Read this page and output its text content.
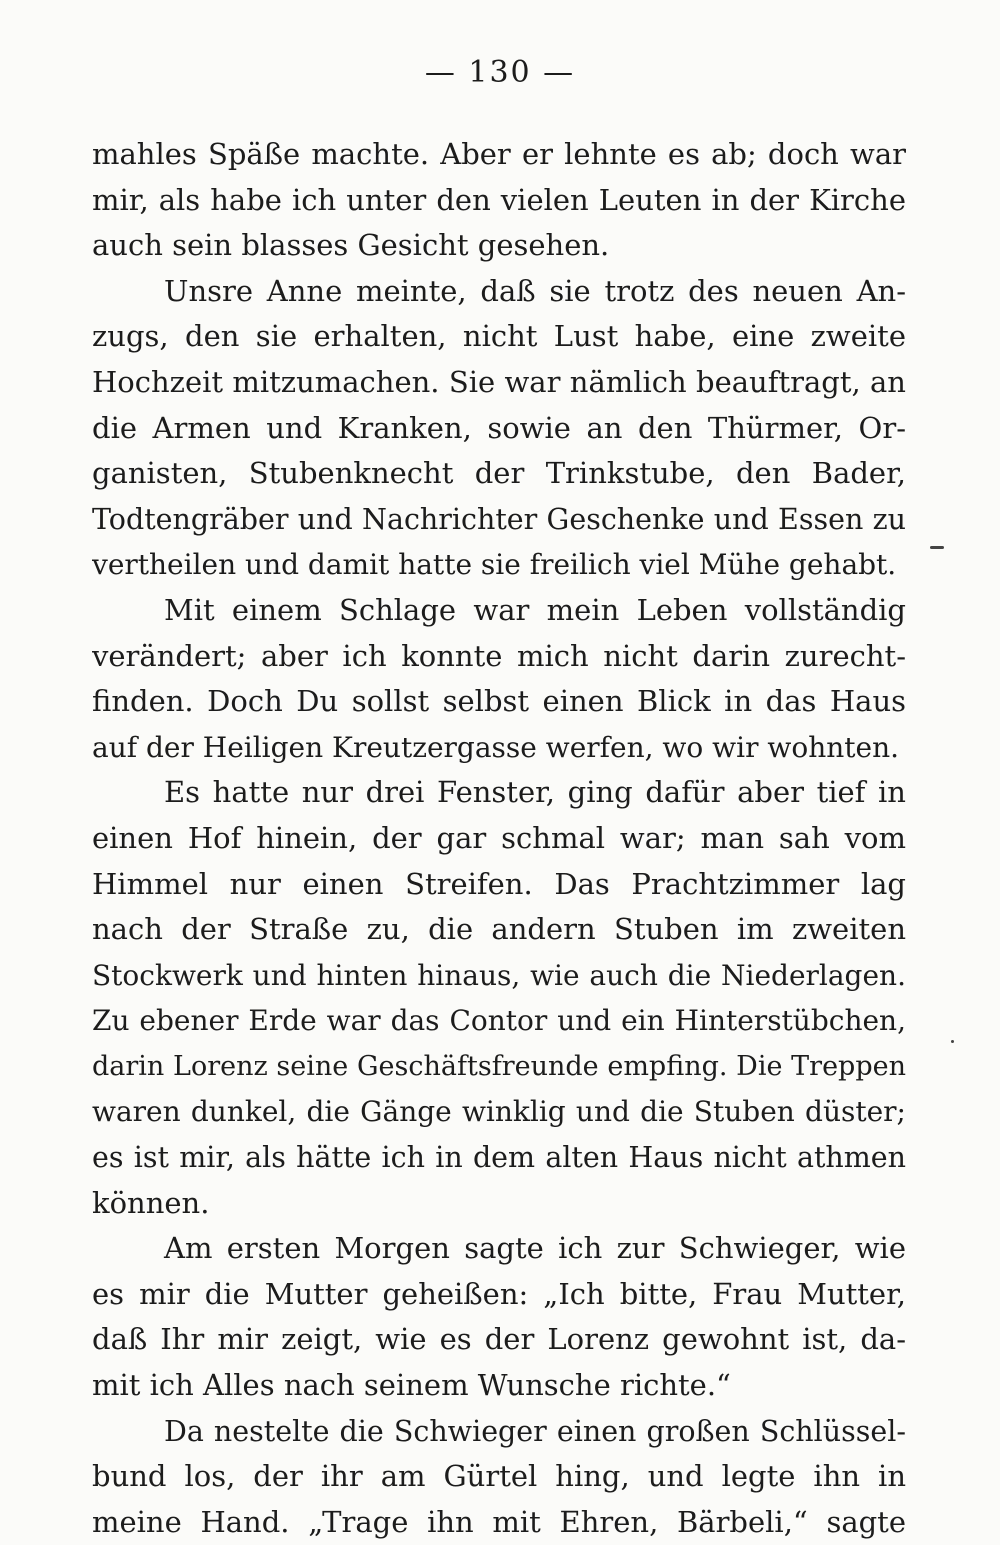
— 130 —
mahles Späße machte. Aber er lehnte es ab; doch war
mir, als habe ich unter den vielen Leuten in der Kirche
auch sein blasses Gesicht gesehen.
Unsre Anne meinte, daß sie trotz des neuen An-
zugs, den sie erhalten, nicht Lust habe, eine zweite
Hochzeit mitzumachen. Sie war nämlich beauftragt, an
die Armen und Kranken, sowie an den Thürmer, Or-
ganisten, Stubenknecht der Trinkstube, den Bader,
Todtengräber und Nachrichter Geschenke und Essen zu
vertheilen und damit hatte sie freilich viel Mühe gehabt.
Mit einem Schlage war mein Leben vollständig
verändert; aber ich konnte mich nicht darin zurecht-
finden. Doch Du sollst selbst einen Blick in das Haus
auf der Heiligen Kreutzergasse werfen, wo wir wohnten.
Es hatte nur drei Fenster, ging dafür aber tief in
einen Hof hinein, der gar schmal war; man sah vom
Himmel nur einen Streifen. Das Prachtzimmer lag
nach der Straße zu, die andern Stuben im zweiten
Stockwerk und hinten hinaus, wie auch die Niederlagen.
Zu ebener Erde war das Contor und ein Hinterstübchen,
darin Lorenz seine Geschäftsfreunde empfing. Die Treppen
waren dunkel, die Gänge winklig und die Stuben düster;
es ist mir, als hätte ich in dem alten Haus nicht athmen
können.
Am ersten Morgen sagte ich zur Schwieger, wie
es mir die Mutter geheißen: „Ich bitte, Frau Mutter,
daß Ihr mir zeigt, wie es der Lorenz gewohnt ist, da-
mit ich Alles nach seinem Wunsche richte.“
Da nestelte die Schwieger einen großen Schlüssel-
bund los, der ihr am Gürtel hing, und legte ihn in
meine Hand. „Trage ihn mit Ehren, Bärbeli,“ sagte
